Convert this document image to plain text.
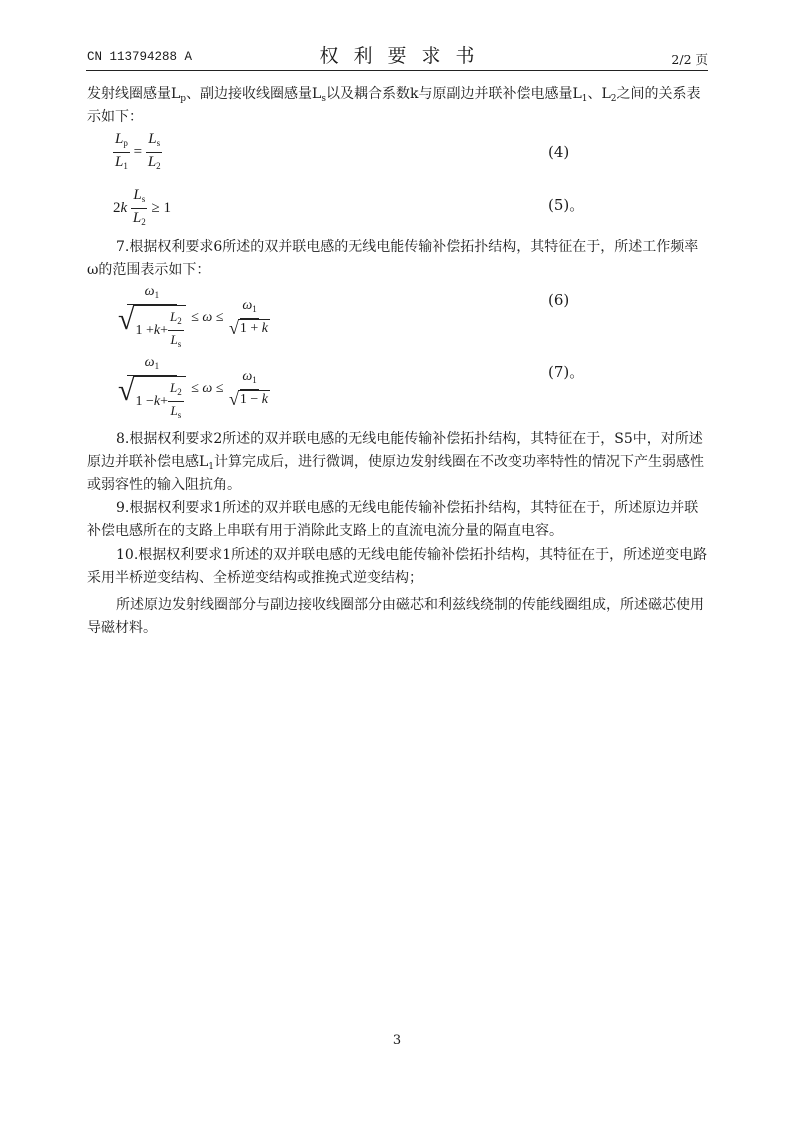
CN 113794288 A	权利要求书	2/2 页

发射线圈感量$L_p$、副边接收线圈感量$L_s$以及耦合系数k与原副边并联补偿电感量$L_1$、$L_2$之间的关系表示如下：

$\frac{L_p}{L_1} = \frac{L_s}{L_2}$	(4)
$2k \frac{L_s}{L_2} \ge 1$	(5)。

7.根据权利要求6所述的双并联电感的无线电能传输补偿拓扑结构，其特征在于，所述工作频率ω的范围表示如下：

$\frac{\omega_1}{√ 1 + k + \frac{L_2}{L_s}} \le \omega \le \frac{\omega_1}{√ 1 + k}$	(6)
$\frac{\omega_1}{√ 1 - k + \frac{L_2}{L_s}} \le \omega \le \frac{\omega_1}{√ 1 - k}$	(7)。

8.根据权利要求2所述的双并联电感的无线电能传输补偿拓扑结构，其特征在于，S5中，对所述原边并联补偿电感$L_1$计算完成后，进行微调，使原边发射线圈在不改变功率特性的情况下产生弱感性或弱容性的输入阻抗角。

9.根据权利要求1所述的双并联电感的无线电能传输补偿拓扑结构，其特征在于，所述原边并联补偿电感所在的支路上串联有用于消除此支路上的直流电流分量的隔直电容。

10.根据权利要求1所述的双并联电感的无线电能传输补偿拓扑结构，其特征在于，所述逆变电路采用半桥逆变结构、全桥逆变结构或推挽式逆变结构；

所述原边发射线圈部分与副边接收线圈部分由磁芯和利兹线绕制的传能线圈组成，所述磁芯使用导磁材料。

3
